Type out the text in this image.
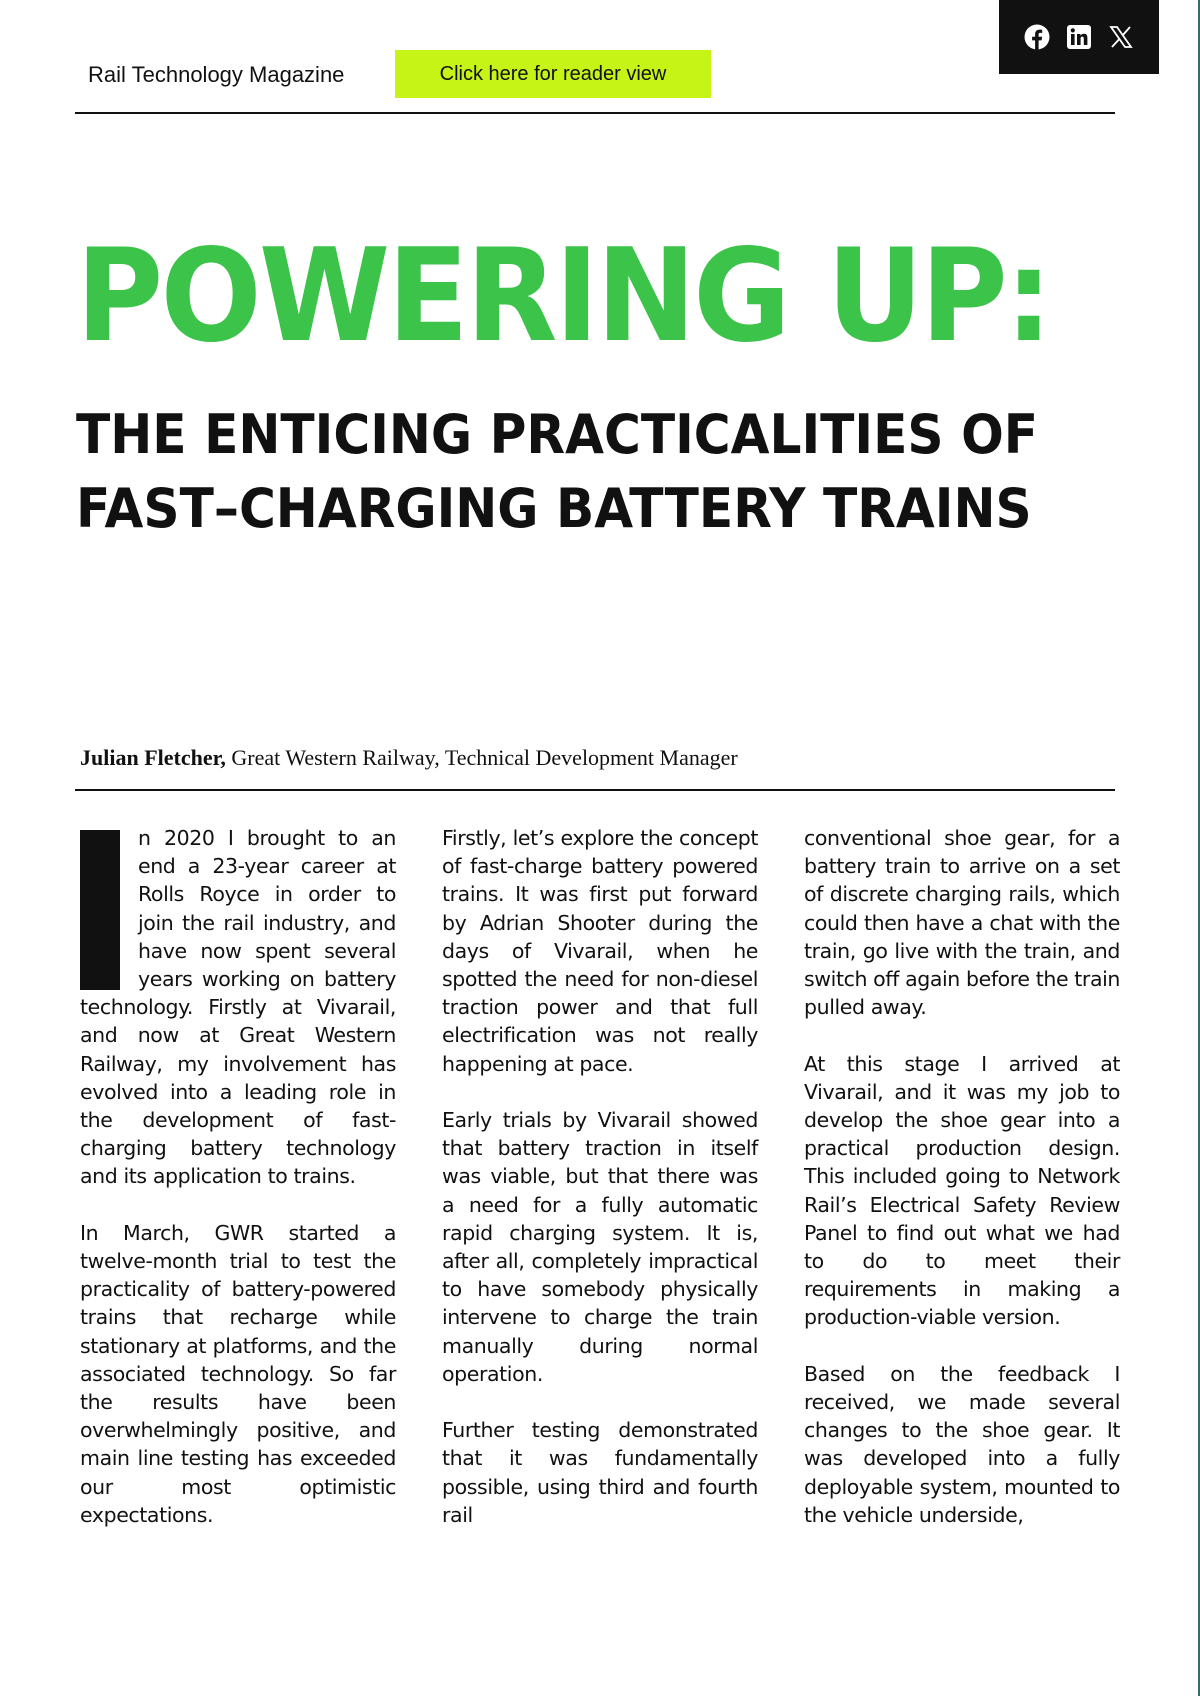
Rail Technology Magazine	Click here for reader view
POWERING UP:
THE ENTICING PRACTICALITIES OF
FAST–CHARGING BATTERY TRAINS
Julian Fletcher, Great Western Railway, Technical Development Manager

n 2020 I brought to an end a 23-year career at Rolls Royce in order to join the rail industry, and have now spent several years working on battery technology. Firstly at Vivarail, and now at Great Western Railway, my involvement has evolved into a leading role in the development of fast-charging battery technology and its application to trains.

In March, GWR started a twelve-month trial to test the practicality of battery-powered trains that recharge while stationary at platforms, and the associated technology. So far the results have been overwhelmingly positive, and main line testing has exceeded our most optimistic expectations.

Firstly, let’s explore the concept of fast-charge battery powered trains. It was first put forward by Adrian Shooter during the days of Vivarail, when he spotted the need for non-diesel traction power and that full electrification was not really happening at pace.

Early trials by Vivarail showed that battery traction in itself was viable, but that there was a need for a fully automatic rapid charging system. It is, after all, completely impractical to have somebody physically intervene to charge the train manually during normal operation.

Further testing demonstrated that it was fundamentally possible, using third and fourth rail

conventional shoe gear, for a battery train to arrive on a set of discrete charging rails, which could then have a chat with the train, go live with the train, and switch off again before the train pulled away.

At this stage I arrived at Vivarail, and it was my job to develop the shoe gear into a practical production design. This included going to Network Rail’s Electrical Safety Review Panel to find out what we had to do to meet their requirements in making a production-viable version.

Based on the feedback I received, we made several changes to the shoe gear. It was developed into a fully deployable system, mounted to the vehicle underside,
